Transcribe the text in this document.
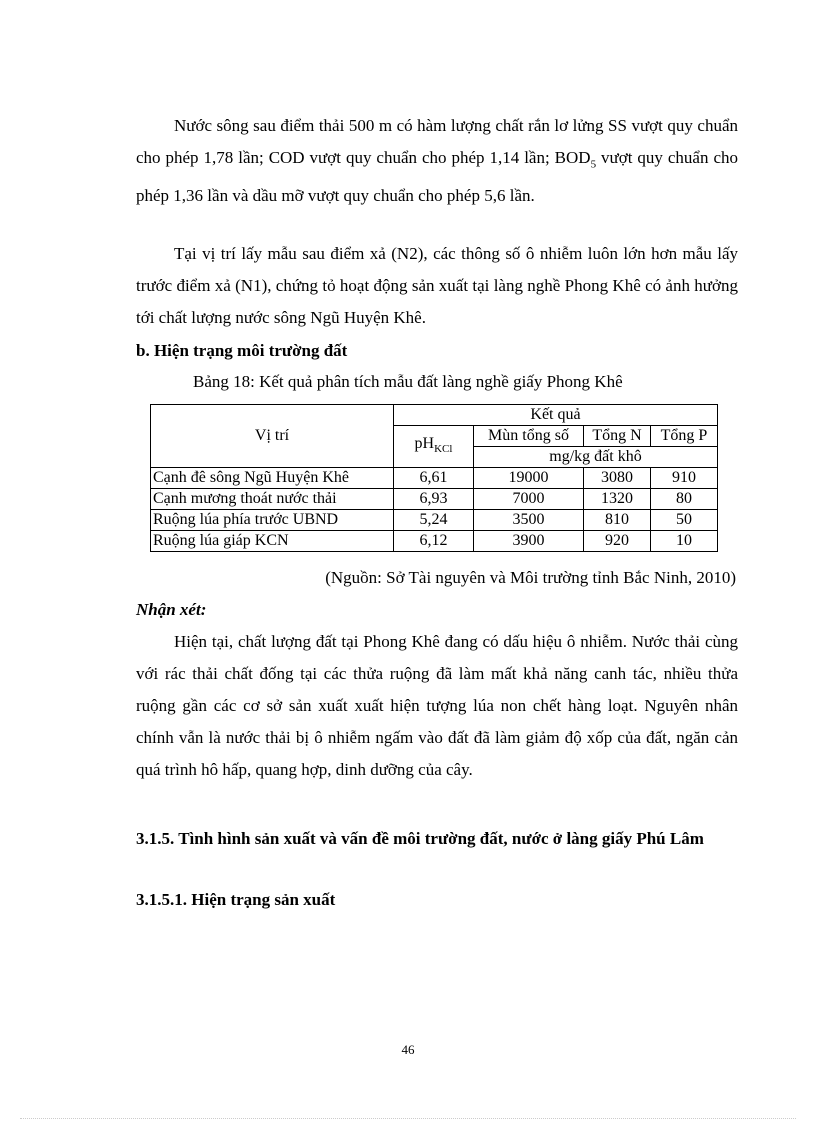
Nước sông sau điểm thải 500 m có hàm lượng chất rắn lơ lửng SS vượt quy chuẩn cho phép 1,78 lần; COD vượt quy chuẩn cho phép 1,14 lần; $BOD_5$ vượt quy chuẩn cho phép 1,36 lần và dầu mỡ vượt quy chuẩn cho phép 5,6 lần.
Tại vị trí lấy mẫu sau điểm xả (N2), các thông số ô nhiễm luôn lớn hơn mẫu lấy trước điểm xả (N1), chứng tỏ hoạt động sản xuất tại làng nghề Phong Khê có ảnh hưởng tới chất lượng nước sông Ngũ Huyện Khê.
b. Hiện trạng môi trường đất
Bảng 18: Kết quả phân tích mẫu đất làng nghề giấy Phong Khê
Vị trí	Kết quả			
	$pH_{KCl}$	Mùn tổng số	Tổng N	Tổng P
		mg/kg đất khô		
Cạnh đê sông Ngũ Huyện Khê	6,61	19000	3080	910
Cạnh mương thoát nước thải	6,93	7000	1320	80
Ruộng lúa phía trước UBND	5,24	3500	810	50
Ruộng lúa giáp KCN	6,12	3900	920	10
(Nguồn: Sở Tài nguyên và Môi trường tỉnh Bắc Ninh, 2010)
Nhận xét:
Hiện tại, chất lượng đất tại Phong Khê đang có dấu hiệu ô nhiễm. Nước thải cùng với rác thải chất đống tại các thửa ruộng đã làm mất khả năng canh tác, nhiều thửa ruộng gần các cơ sở sản xuất xuất hiện tượng lúa non chết hàng loạt. Nguyên nhân chính vẫn là nước thải bị ô nhiễm ngấm vào đất đã làm giảm độ xốp của đất, ngăn cản quá trình hô hấp, quang hợp, dinh dưỡng của cây.
3.1.5. Tình hình sản xuất và vấn đề môi trường đất, nước ở làng giấy Phú Lâm
3.1.5.1. Hiện trạng sản xuất
46
